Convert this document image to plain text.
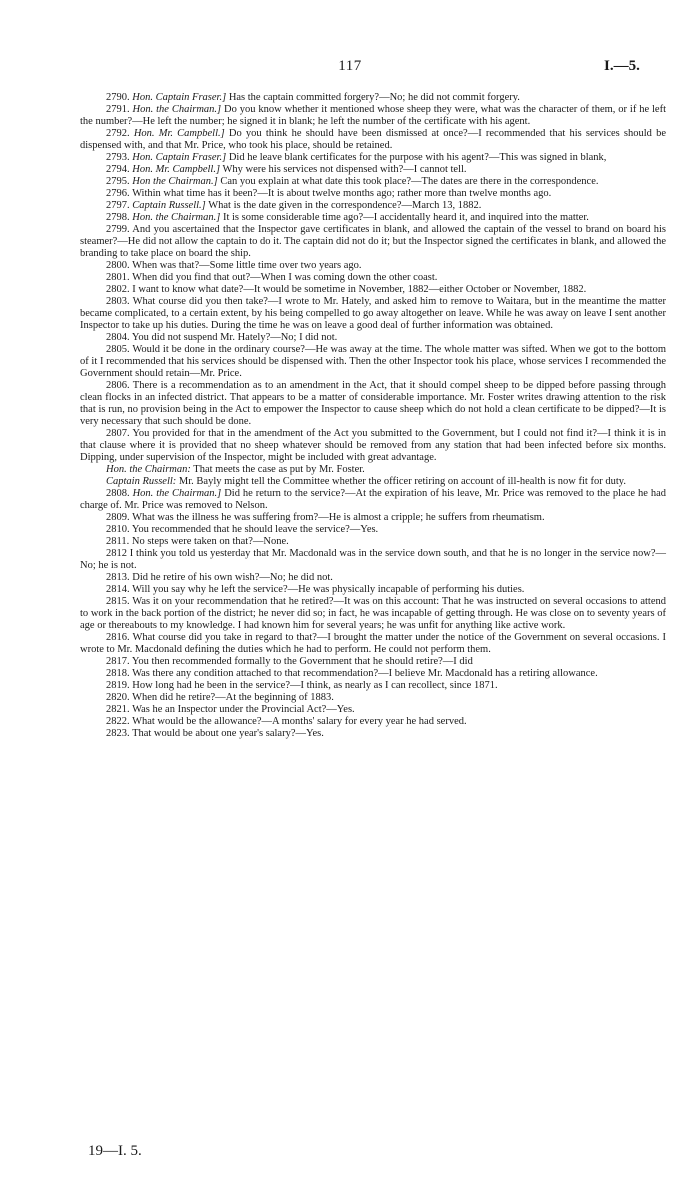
117	I.—5.

2790. Hon. Captain Fraser.] Has the captain committed forgery?—No; he did not commit forgery.

2791. Hon. the Chairman.] Do you know whether it mentioned whose sheep they were, what was the character of them, or if he left the number?—He left the number; he signed it in blank; he left the number of the certificate with his agent.

2792. Hon. Mr. Campbell.] Do you think he should have been dismissed at once?—I recommended that his services should be dispensed with, and that Mr. Price, who took his place, should be retained.

2793. Hon. Captain Fraser.] Did he leave blank certificates for the purpose with his agent?—This was signed in blank,

2794. Hon. Mr. Campbell.] Why were his services not dispensed with?—I cannot tell.

2795. Hon the Chairman.] Can you explain at what date this took place?—The dates are there in the correspondence.

2796. Within what time has it been?—It is about twelve months ago; rather more than twelve months ago.

2797. Captain Russell.] What is the date given in the correspondence?—March 13, 1882.

2798. Hon. the Chairman.] It is some considerable time ago?—I accidentally heard it, and inquired into the matter.

2799. And you ascertained that the Inspector gave certificates in blank, and allowed the captain of the vessel to brand on board his steamer?—He did not allow the captain to do it. The captain did not do it; but the Inspector signed the certificates in blank, and allowed the branding to take place on board the ship.

2800. When was that?—Some little time over two years ago.

2801. When did you find that out?—When I was coming down the other coast.

2802. I want to know what date?—It would be sometime in November, 1882—either October or November, 1882.

2803. What course did you then take?—I wrote to Mr. Hately, and asked him to remove to Waitara, but in the meantime the matter became complicated, to a certain extent, by his being compelled to go away altogether on leave. While he was away on leave I sent another Inspector to take up his duties. During the time he was on leave a good deal of further information was obtained.

2804. You did not suspend Mr. Hately?—No; I did not.

2805. Would it be done in the ordinary course?—He was away at the time. The whole matter was sifted. When we got to the bottom of it I recommended that his services should be dispensed with. Then the other Inspector took his place, whose services I recommended the Government should retain—Mr. Price.

2806. There is a recommendation as to an amendment in the Act, that it should compel sheep to be dipped before passing through clean flocks in an infected district. That appears to be a matter of considerable importance. Mr. Foster writes drawing attention to the risk that is run, no provision being in the Act to empower the Inspector to cause sheep which do not hold a clean certificate to be dipped?—It is very necessary that such should be done.

2807. You provided for that in the amendment of the Act you submitted to the Government, but I could not find it?—I think it is in that clause where it is provided that no sheep whatever should be removed from any station that had been infected before six months. Dipping, under supervision of the Inspector, might be included with great advantage.

Hon. the Chairman: That meets the case as put by Mr. Foster.

Captain Russell: Mr. Bayly might tell the Committee whether the officer retiring on account of ill-health is now fit for duty.

2808. Hon. the Chairman.] Did he return to the service?—At the expiration of his leave, Mr. Price was removed to the place he had charge of. Mr. Price was removed to Nelson.

2809. What was the illness he was suffering from?—He is almost a cripple; he suffers from rheumatism.

2810. You recommended that he should leave the service?—Yes.

2811. No steps were taken on that?—None.

2812 I think you told us yesterday that Mr. Macdonald was in the service down south, and that he is no longer in the service now?—No; he is not.

2813. Did he retire of his own wish?—No; he did not.

2814. Will you say why he left the service?—He was physically incapable of performing his duties.

2815. Was it on your recommendation that he retired?—It was on this account: That he was instructed on several occasions to attend to work in the back portion of the district; he never did so; in fact, he was incapable of getting through. He was close on to seventy years of age or thereabouts to my knowledge. I had known him for several years; he was unfit for anything like active work.

2816. What course did you take in regard to that?—I brought the matter under the notice of the Government on several occasions. I wrote to Mr. Macdonald defining the duties which he had to perform. He could not perform them.

2817. You then recommended formally to the Government that he should retire?—I did

2818. Was there any condition attached to that recommendation?—I believe Mr. Macdonald has a retiring allowance.

2819. How long had he been in the service?—I think, as nearly as I can recollect, since 1871.

2820. When did he retire?—At the beginning of 1883.

2821. Was he an Inspector under the Provincial Act?—Yes.

2822. What would be the allowance?—A months' salary for every year he had served.

2823. That would be about one year's salary?—Yes.

19—I. 5.
